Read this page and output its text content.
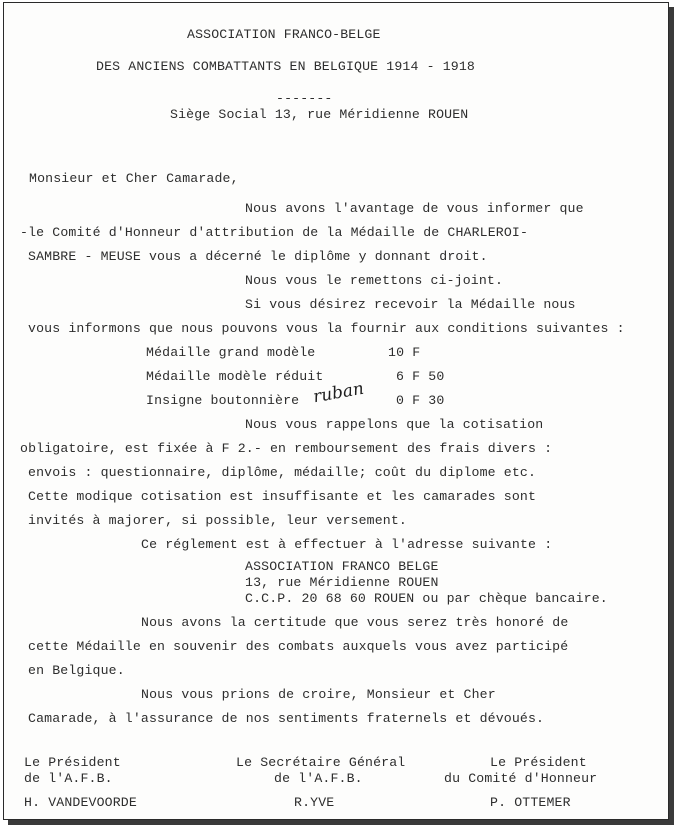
ASSOCIATION FRANCO-BELGE
DES ANCIENS COMBATTANTS EN BELGIQUE 1914 - 1918
-------
Siège Social 13, rue Méridienne ROUEN
Monsieur et Cher Camarade,
Nous avons l'avantage de vous informer que
-le Comité d'Honneur d'attribution de la Médaille de CHARLEROI-
SAMBRE - MEUSE vous a décerné le diplôme y donnant droit.
Nous vous le remettons ci-joint.
Si vous désirez recevoir la Médaille nous
vous informons que nous pouvons vous la fournir aux conditions suivantes :
Médaille grand modèle	10 F
Médaille modèle réduit	6 F 50
Insigne boutonnière	0 F 30
ruban
Nous vous rappelons que la cotisation
obligatoire, est fixée à F 2.- en remboursement des frais divers :
envois : questionnaire, diplôme, médaille; coût du diplome etc.
Cette modique cotisation est insuffisante et les camarades sont
invités à majorer, si possible, leur versement.
Ce réglement est à effectuer à l'adresse suivante :
ASSOCIATION FRANCO BELGE
13, rue Méridienne ROUEN
C.C.P. 20 68 60 ROUEN ou par chèque bancaire.
Nous avons la certitude que vous serez très honoré de
cette Médaille en souvenir des combats auxquels vous avez participé
en Belgique.
Nous vous prions de croire, Monsieur et Cher
Camarade, à l'assurance de nos sentiments fraternels et dévoués.
Le Président
de l'A.F.B.
H. VANDEVOORDE
Le Secrétaire Général
de l'A.F.B.
R.YVE
Le Président
du Comité d'Honneur
P. OTTEMER
